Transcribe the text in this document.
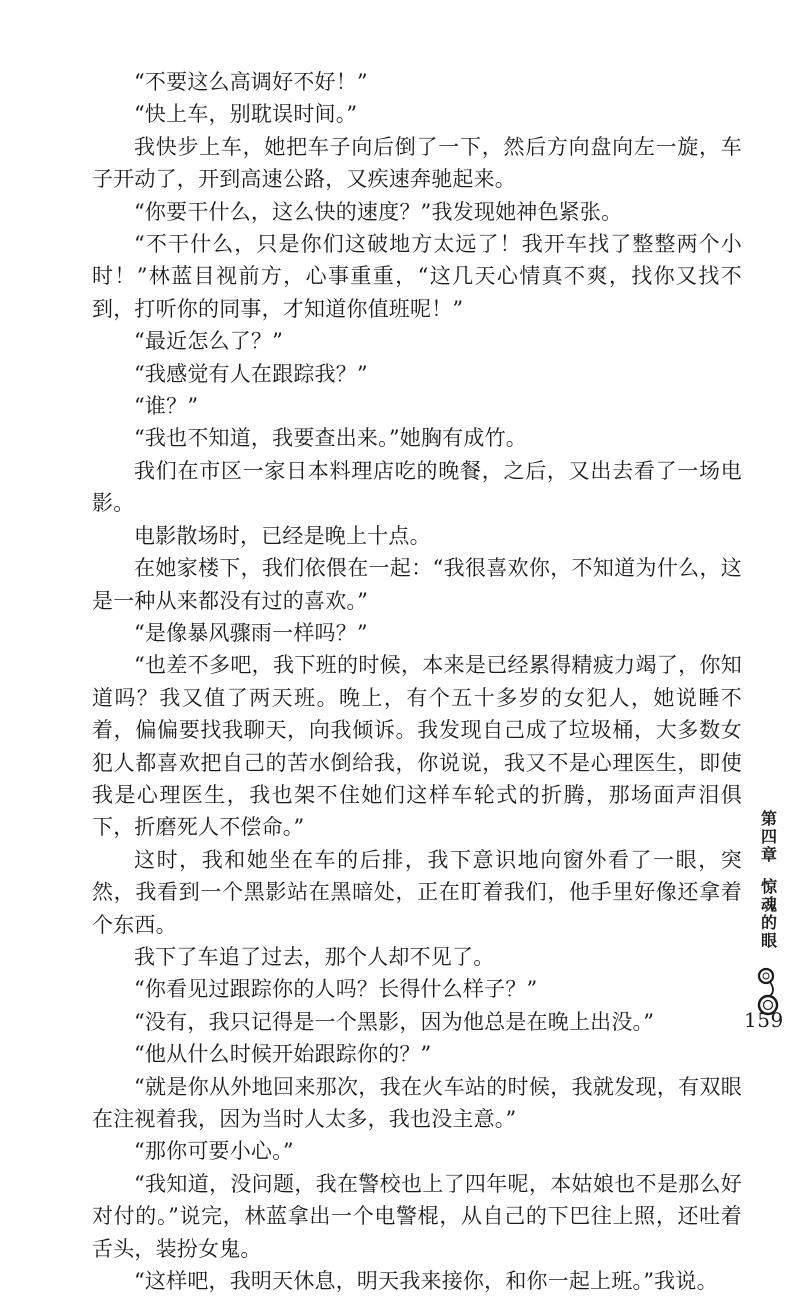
“不要这么高调好不好！”

“快上车，别耽误时间。”

我快步上车，她把车子向后倒了一下，然后方向盘向左一旋，车子开动了，开到高速公路，又疾速奔驰起来。

“你要干什么，这么快的速度？”我发现她神色紧张。

“不干什么，只是你们这破地方太远了！我开车找了整整两个小时！”林蓝目视前方，心事重重，“这几天心情真不爽，找你又找不到，打听你的同事，才知道你值班呢！”

“最近怎么了？”

“我感觉有人在跟踪我？”

“谁？”

“我也不知道，我要查出来。”她胸有成竹。

我们在市区一家日本料理店吃的晚餐，之后，又出去看了一场电影。

电影散场时，已经是晚上十点。

在她家楼下，我们依偎在一起：“我很喜欢你，不知道为什么，这是一种从来都没有过的喜欢。”

“是像暴风骤雨一样吗？”

“也差不多吧，我下班的时候，本来是已经累得精疲力竭了，你知道吗？我又值了两天班。晚上，有个五十多岁的女犯人，她说睡不着，偏偏要找我聊天，向我倾诉。我发现自己成了垃圾桶，大多数女犯人都喜欢把自己的苦水倒给我，你说说，我又不是心理医生，即使我是心理医生，我也架不住她们这样车轮式的折腾，那场面声泪俱下，折磨死人不偿命。”

这时，我和她坐在车的后排，我下意识地向窗外看了一眼，突然，我看到一个黑影站在黑暗处，正在盯着我们，他手里好像还拿着个东西。

我下了车追了过去，那个人却不见了。

“你看见过跟踪你的人吗？长得什么样子？”

“没有，我只记得是一个黑影，因为他总是在晚上出没。”

“他从什么时候开始跟踪你的？”

“就是你从外地回来那次，我在火车站的时候，我就发现，有双眼在注视着我，因为当时人太多，我也没主意。”

“那你可要小心。”

“我知道，没问题，我在警校也上了四年呢，本姑娘也不是那么好对付的。”说完，林蓝拿出一个电警棍，从自己的下巴往上照，还吐着舌头，装扮女鬼。

“这样吧，我明天休息，明天我来接你，和你一起上班。”我说。

第四章
惊魂的眼
159
